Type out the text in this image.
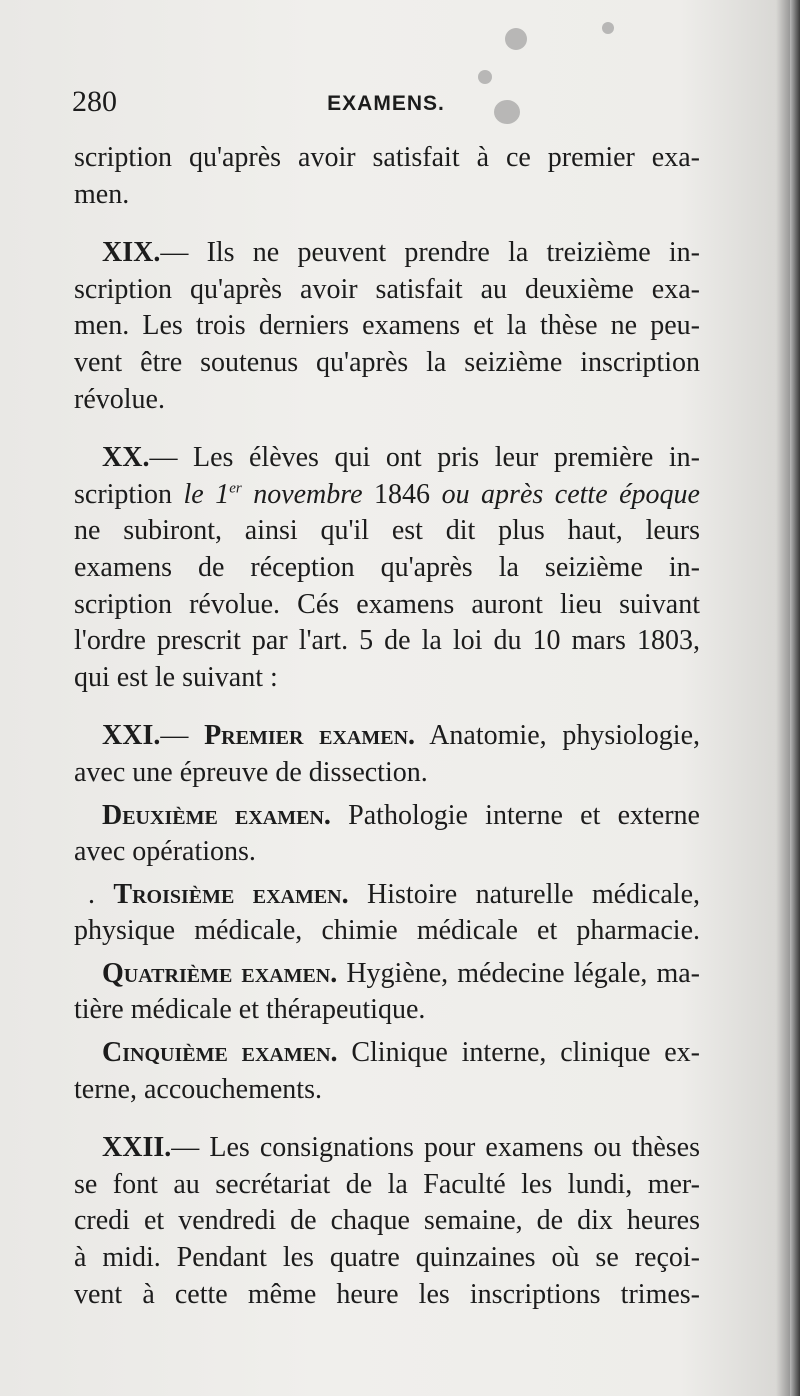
280	EXAMENS.
scription qu'après avoir satisfait à ce premier exa-
men.
XIX.— Ils ne peuvent prendre la treizième in-
scription qu'après avoir satisfait au deuxième exa-
men. Les trois derniers examens et la thèse ne peu-
vent être soutenus qu'après la seizième inscription
révolue.
XX.— Les élèves qui ont pris leur première in-
scription le 1er novembre 1846 ou après cette époque
ne subiront, ainsi qu'il est dit plus haut, leurs
examens de réception qu'après la seizième in-
scription révolue. Cés examens auront lieu suivant
l'ordre prescrit par l'art. 5 de la loi du 10 mars 1803,
qui est le suivant :
XXI.— Premier examen. Anatomie, physiologie,
avec une épreuve de dissection.
Deuxième examen. Pathologie interne et externe
avec opérations.
. Troisième examen. Histoire naturelle médicale,
physique médicale, chimie médicale et pharmacie.
Quatrième examen. Hygiène, médecine légale, ma-
tière médicale et thérapeutique.
Cinquième examen. Clinique interne, clinique ex-
terne, accouchements.
XXII.— Les consignations pour examens ou thèses
se font au secrétariat de la Faculté les lundi, mer-
credi et vendredi de chaque semaine, de dix heures
à midi. Pendant les quatre quinzaines où se reçoi-
vent à cette même heure les inscriptions trimes-
